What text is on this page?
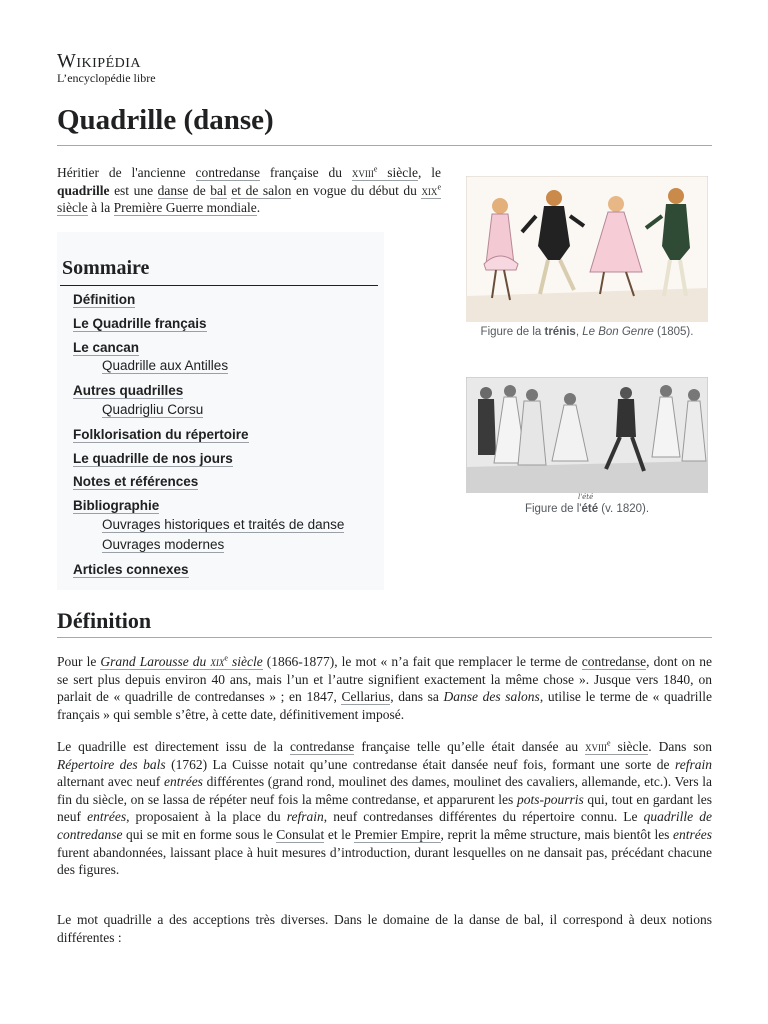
Wikipédia
L’encyclopédie libre
Quadrille (danse)

Héritier de l'ancienne contredanse française du xviii$^e$ siècle, le quadrille est une danse de bal et de salon en vogue du début du xix$^e$ siècle à la Première Guerre mondiale.

Sommaire
Définition
Le Quadrille français
Le cancan
Quadrille aux Antilles
Autres quadrilles
Quadrigliu Corsu
Folklorisation du répertoire
Le quadrille de nos jours
Notes et références
Bibliographie
Ouvrages historiques et traités de danse
Ouvrages modernes
Articles connexes
Figure de la trénis, Le Bon Genre (1805).
l'été
Figure de l'été (v. 1820).
Définition

Pour le Grand Larousse du xix$^e$ siècle (1866-1877), le mot « n’a fait que remplacer le terme de contredanse, dont on ne se sert plus depuis environ 40 ans, mais l’un et l’autre signifient exactement la même chose ». Jusque vers 1840, on parlait de « quadrille de contredanses » ; en 1847, Cellarius, dans sa Danse des salons, utilise le terme de « quadrille français » qui semble s’être, à cette date, définitivement imposé.

Le quadrille est directement issu de la contredanse française telle qu’elle était dansée au xviii$^e$ siècle. Dans son Répertoire des bals (1762) La Cuisse notait qu’une contredanse était dansée neuf fois, formant une sorte de refrain alternant avec neuf entrées différentes (grand rond, moulinet des dames, moulinet des cavaliers, allemande, etc.). Vers la fin du siècle, on se lassa de répéter neuf fois la même contredanse, et apparurent les pots-pourris qui, tout en gardant les neuf entrées, proposaient à la place du refrain, neuf contredanses différentes du répertoire connu. Le quadrille de contredanse qui se mit en forme sous le Consulat et le Premier Empire, reprit la même structure, mais bientôt les entrées furent abandonnées, laissant place à huit mesures d’introduction, durant lesquelles on ne dansait pas, précédant chacune des figures.

Le mot quadrille a des acceptions très diverses. Dans le domaine de la danse de bal, il correspond à deux notions différentes :
